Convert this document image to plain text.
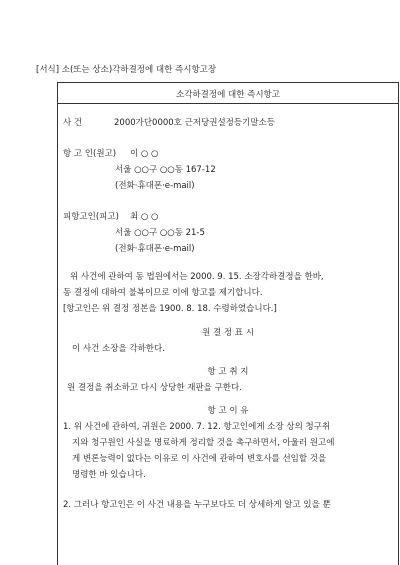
[서식] 소(또는 상소)각하결정에 대한 즉시항고장
소각하결정에 대한 즉시항고
사 건	2000가단0000호 근저당권설정등기말소등
항 고 인(원고) 이 ○ ○
서울 ○○구 ○○동 167-12
(전화·휴대폰·e-mail)
피항고인(피고) 최 ○ ○
서울 ○○구 ○○동 21-5
(전화·휴대폰·e-mail)
위 사건에 관하여 동 법원에서는 2000. 9. 15. 소장각하결정을 한바,
동 결정에 대하여 불복이므로 이에 항고를 제기합니다.
[항고인은 위 결정 정본을 1900. 8. 18. 수령하였습니다.]
원 결 정 표 시
이 사건 소장을 각하한다.
항 고 취 지
원 결정을 취소하고 다시 상당한 재판을 구한다.
항 고 이 유
1. 위 사건에 관하여, 귀원은 2000. 7. 12. 항고인에게 소장 상의 청구취
지와 청구원인 사실을 명료하게 정리할 것을 촉구하면서, 아울러 원고에
게 변론능력이 없다는 이유로 이 사건에 관하여 변호사를 선임할 것을
명령한 바 있습니다.
2. 그러나 항고인은 이 사건 내용을 누구보다도 더 상세하게 알고 있을 뿐
